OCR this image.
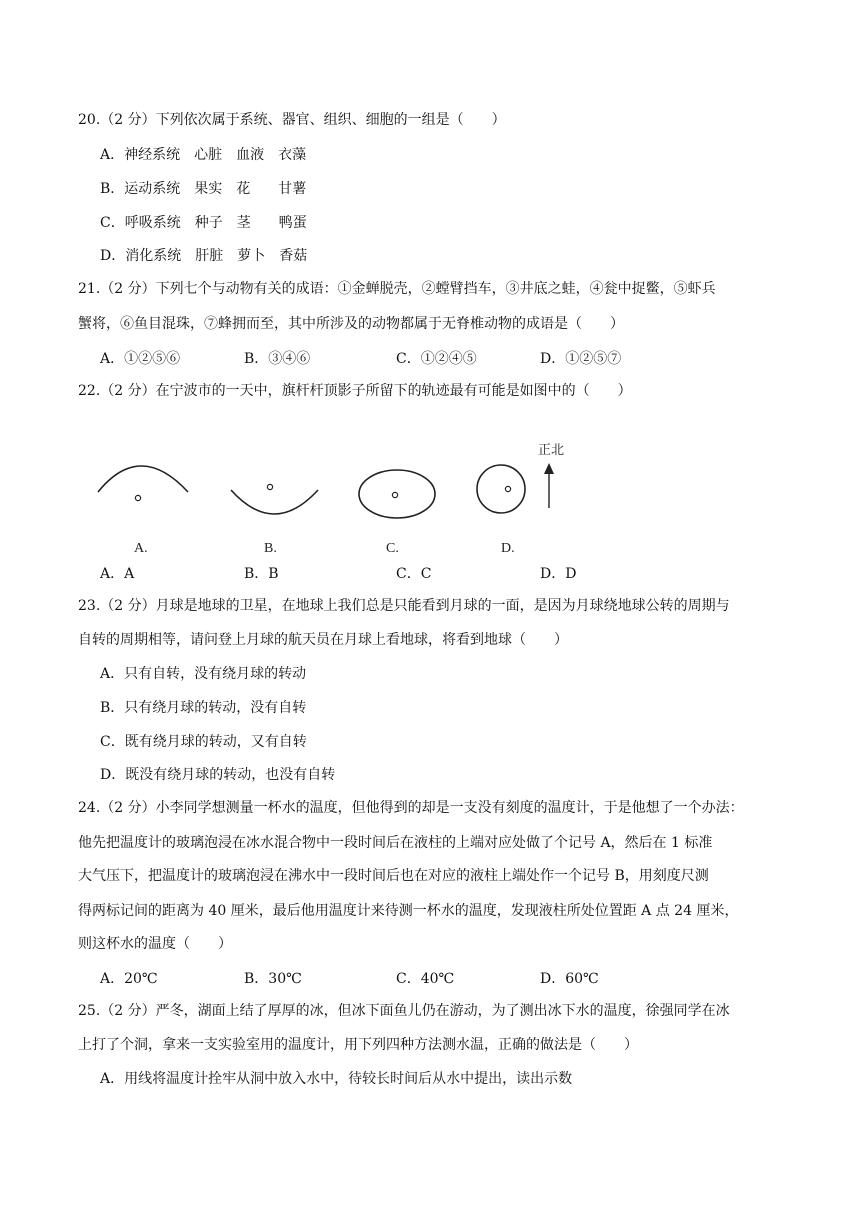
20.（2 分）下列依次属于系统、器官、组织、细胞的一组是（　　）
A．神经系统　心脏　血液　衣藻
B．运动系统　果实　花　　甘薯
C．呼吸系统　种子　茎　　鸭蛋
D．消化系统　肝脏　萝卜　香菇
21.（2 分）下列七个与动物有关的成语：①金蝉脱壳，②螳臂挡车，③井底之蛙，④瓮中捉鳖，⑤虾兵
蟹将，⑥鱼目混珠，⑦蜂拥而至，其中所涉及的动物都属于无脊椎动物的成语是（　　）
A．①②⑤⑥	B．③④⑥	C．①②④⑤	D．①②⑤⑦
22.（2 分）在宁波市的一天中，旗杆杆顶影子所留下的轨迹最有可能是如图中的（　　）
正北
A.	B.	C.	D.
A．A	B．B	C．C	D．D
23.（2 分）月球是地球的卫星，在地球上我们总是只能看到月球的一面，是因为月球绕地球公转的周期与
自转的周期相等，请问登上月球的航天员在月球上看地球，将看到地球（　　）
A．只有自转，没有绕月球的转动
B．只有绕月球的转动，没有自转
C．既有绕月球的转动，又有自转
D．既没有绕月球的转动，也没有自转
24.（2 分）小李同学想测量一杯水的温度，但他得到的却是一支没有刻度的温度计，于是他想了一个办法：
他先把温度计的玻璃泡浸在冰水混合物中一段时间后在液柱的上端对应处做了个记号 A，然后在 1 标准
大气压下，把温度计的玻璃泡浸在沸水中一段时间后也在对应的液柱上端处作一个记号 B，用刻度尺测
得两标记间的距离为 40 厘米，最后他用温度计来待测一杯水的温度，发现液柱所处位置距 A 点 24 厘米，
则这杯水的温度（　　）
A．20℃	B．30℃	C．40℃	D．60℃
25.（2 分）严冬，湖面上结了厚厚的冰，但冰下面鱼儿仍在游动，为了测出冰下水的温度，徐强同学在冰
上打了个洞，拿来一支实验室用的温度计，用下列四种方法测水温，正确的做法是（　　）
A．用线将温度计拴牢从洞中放入水中，待较长时间后从水中提出，读出示数
